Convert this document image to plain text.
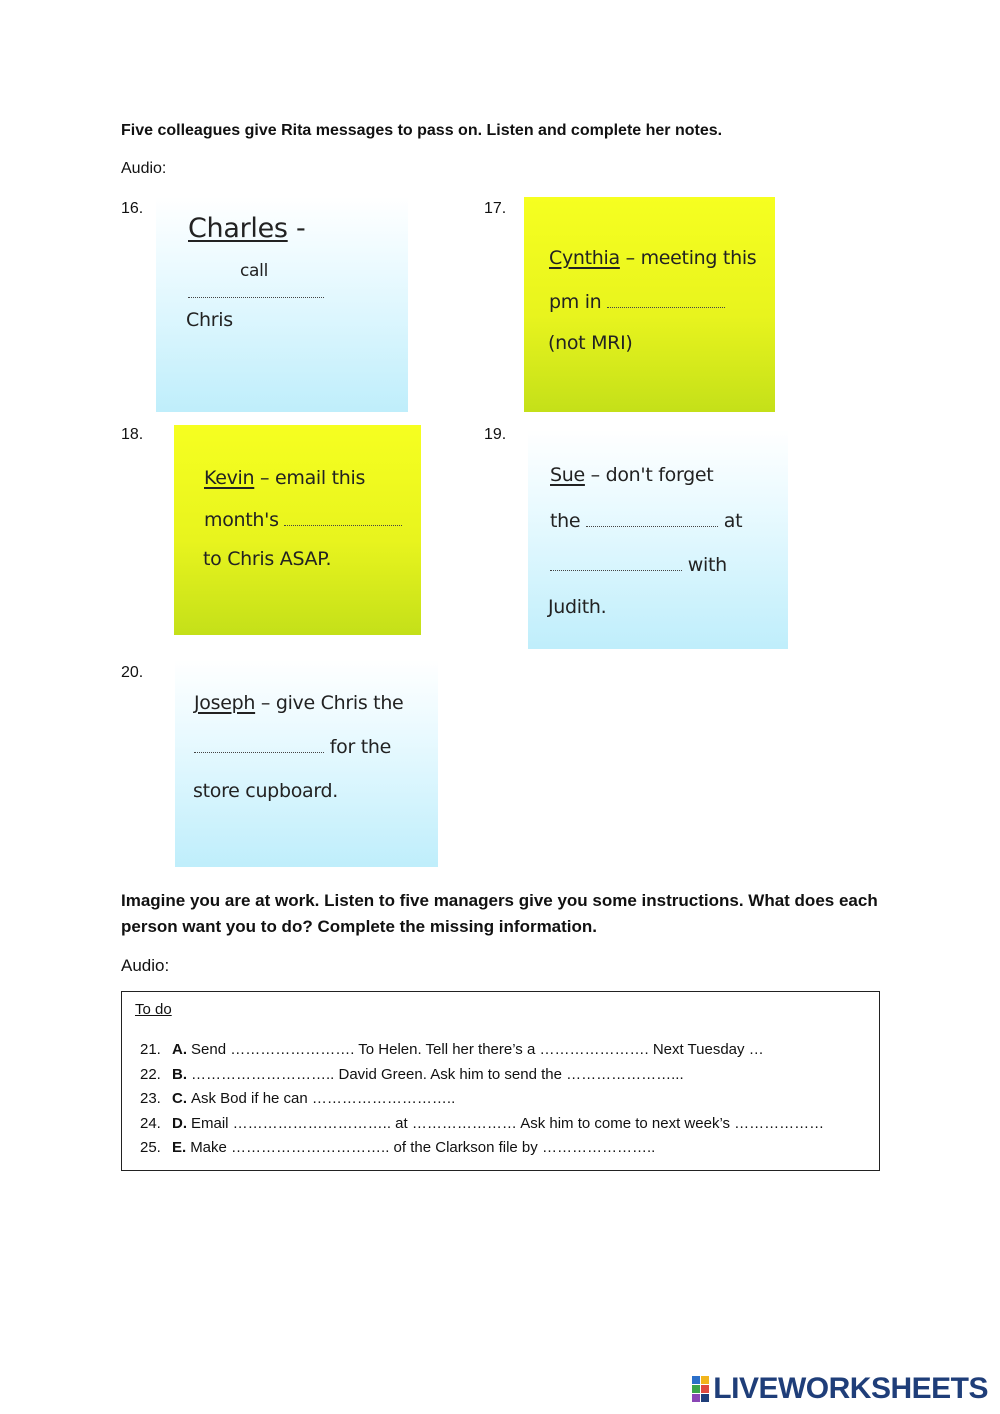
Five colleagues give Rita messages to pass on. Listen and complete her notes.
Audio:
16.
Charles -
call
Chris
17.
Cynthia – meeting this
pm in
(not MRI)
18.
Kevin – email this
month's
to Chris ASAP.
19.
Sue – don't forget
the	at
with
Judith.
20.
Joseph – give Chris the
for the
store cupboard.
Imagine you are at work. Listen to five managers give you some instructions. What does each person want you to do? Complete the missing information.
Audio:
To do
21. A. Send ……………………. To Helen. Tell her there’s a …………………. Next Tuesday …
22. B. ……………………….. David Green. Ask him to send the …………………...
23. C. Ask Bod if he can ………………………..
24. D. Email ………………………….. at ………………… Ask him to come to next week’s ………………
25. E. Make ………………………….. of the Clarkson file by …………………..
LIVEWORKSHEETS
